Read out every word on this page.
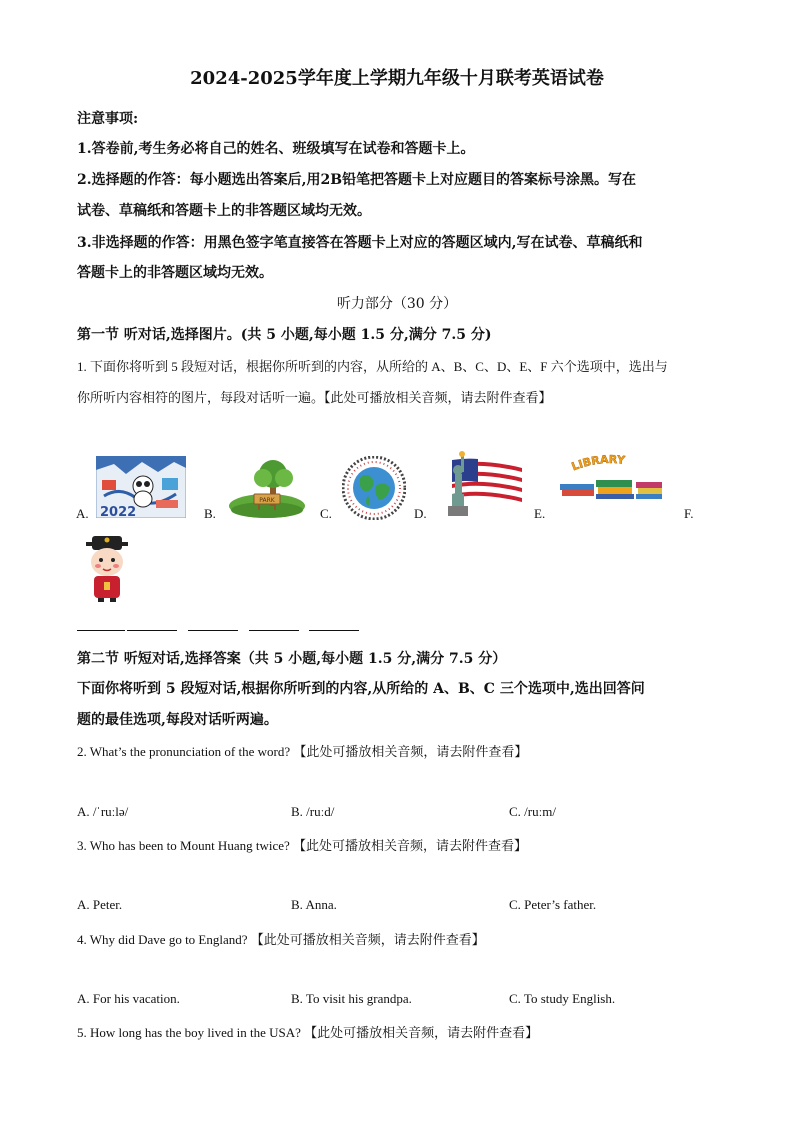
2024-2025学年度上学期九年级十月联考英语试卷
注意事项:
1.答卷前,考生务必将自己的姓名、班级填写在试卷和答题卡上。
2.选择题的作答：每小题选出答案后,用2B铅笔把答题卡上对应题目的答案标号涂黑。写在
试卷、草稿纸和答题卡上的非答题区域均无效。
3.非选择题的作答：用黑色签字笔直接答在答题卡上对应的答题区域内,写在试卷、草稿纸和
答题卡上的非答题区域均无效。
听力部分（30 分）
第一节 听对话,选择图片。(共 5 小题,每小题 1.5 分,满分 7.5 分)
1. 下面你将听到 5 段短对话，根据你所听到的内容，从所给的 A、B、C、D、E、F 六个选项中，选出与
你所听内容相符的图片，每段对话听一遍。【此处可播放相关音频，请去附件查看】
A. 2022	B.
PARK
C.	D.	E.
LIBRARY
F.
第二节 听短对话,选择答案（共 5 小题,每小题 1.5 分,满分 7.5 分）
下面你将听到 5 段短对话,根据你所听到的内容,从所给的 A、B、C 三个选项中,选出回答问
题的最佳选项,每段对话听两遍。
2. What’s the pronunciation of the word? 【此处可播放相关音频，请去附件查看】
A. /ˈruːlə/	B. /ruːd/	C. /ruːm/
3. Who has been to Mount Huang twice? 【此处可播放相关音频，请去附件查看】
A. Peter.	B. Anna.	C. Peter’s father.
4. Why did Dave go to England? 【此处可播放相关音频，请去附件查看】
A. For his vacation.	B. To visit his grandpa.	C. To study English.
5. How long has the boy lived in the USA? 【此处可播放相关音频，请去附件查看】
